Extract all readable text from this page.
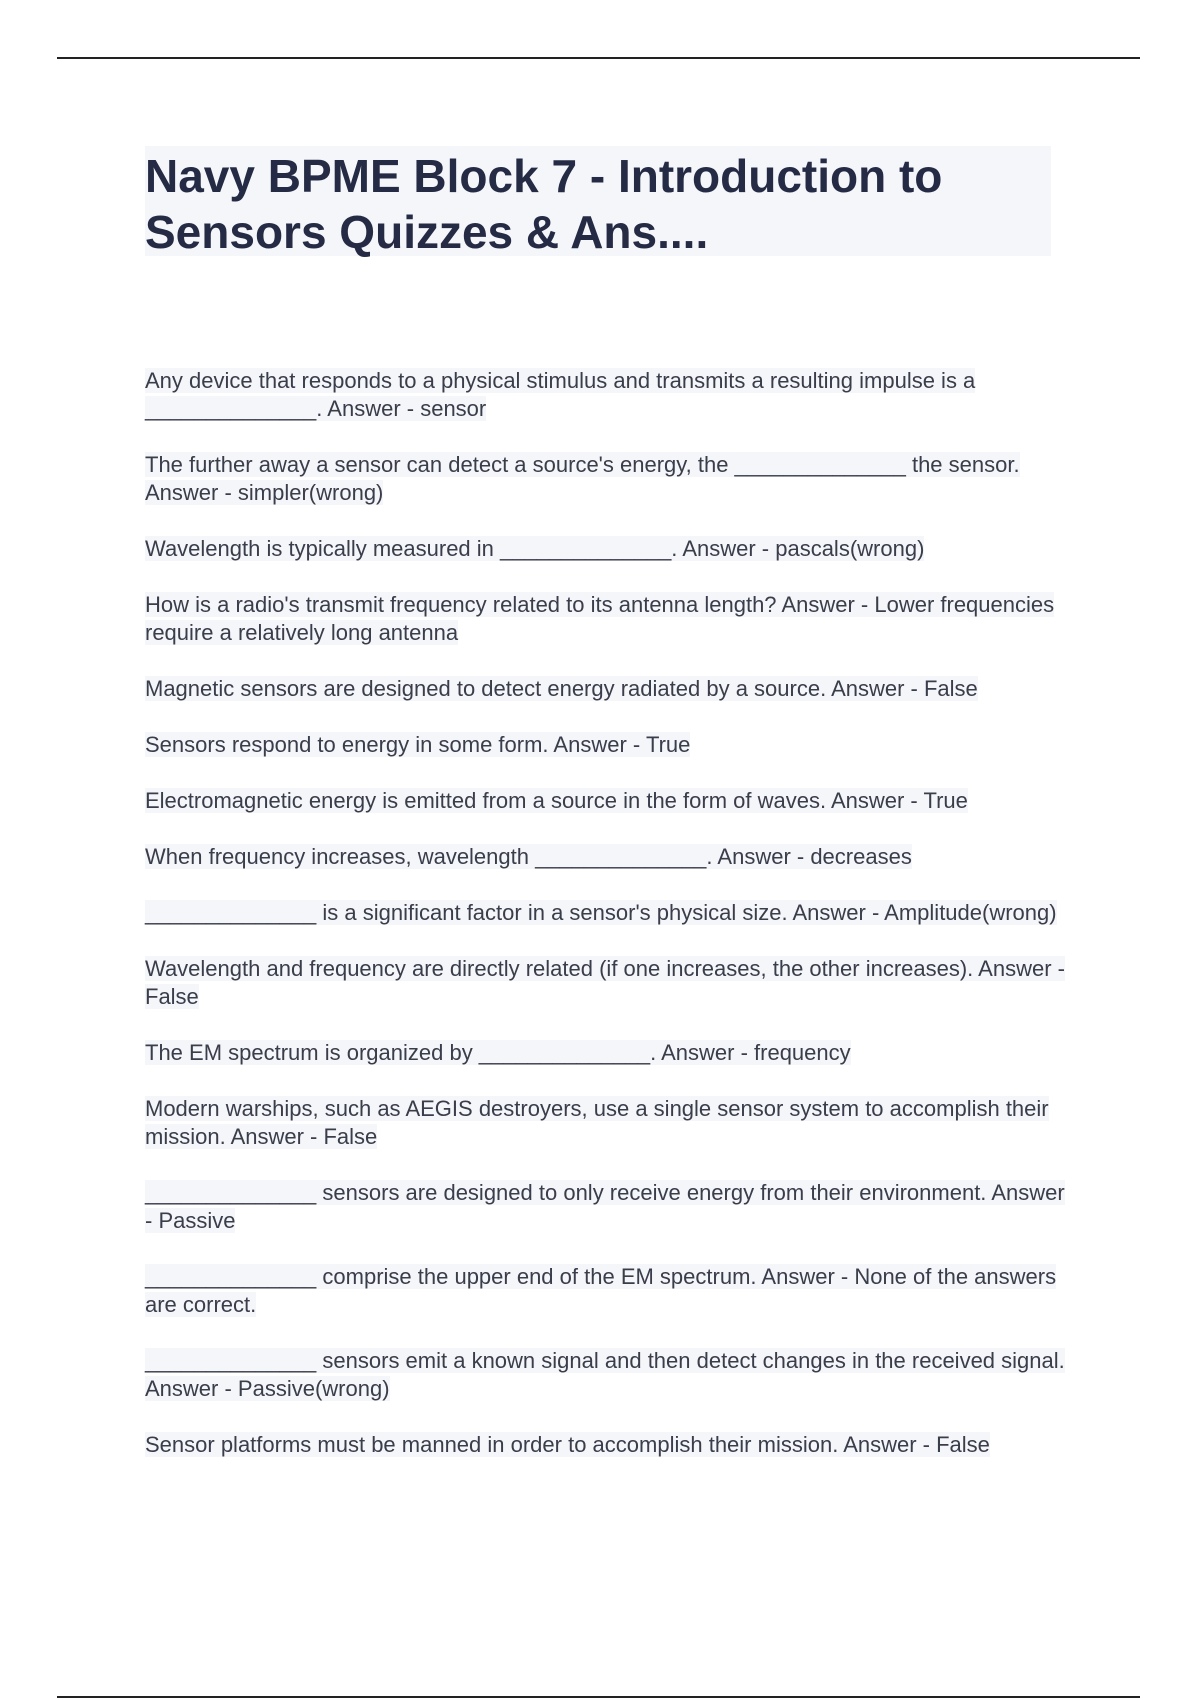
Navy BPME Block 7 - Introduction to Sensors Quizzes & Ans....

Any device that responds to a physical stimulus and transmits a resulting impulse is a ______________. Answer - sensor

The further away a sensor can detect a source's energy, the ______________ the sensor. Answer - simpler(wrong)

Wavelength is typically measured in ______________. Answer - pascals(wrong)

How is a radio's transmit frequency related to its antenna length? Answer - Lower frequencies require a relatively long antenna

Magnetic sensors are designed to detect energy radiated by a source. Answer - False

Sensors respond to energy in some form. Answer - True

Electromagnetic energy is emitted from a source in the form of waves. Answer - True

When frequency increases, wavelength ______________. Answer - decreases

______________ is a significant factor in a sensor's physical size. Answer - Amplitude(wrong)

Wavelength and frequency are directly related (if one increases, the other increases). Answer - False

The EM spectrum is organized by ______________. Answer - frequency

Modern warships, such as AEGIS destroyers, use a single sensor system to accomplish their mission. Answer - False

______________ sensors are designed to only receive energy from their environment. Answer - Passive

______________ comprise the upper end of the EM spectrum. Answer - None of the answers are correct.

______________ sensors emit a known signal and then detect changes in the received signal. Answer - Passive(wrong)

Sensor platforms must be manned in order to accomplish their mission. Answer - False
